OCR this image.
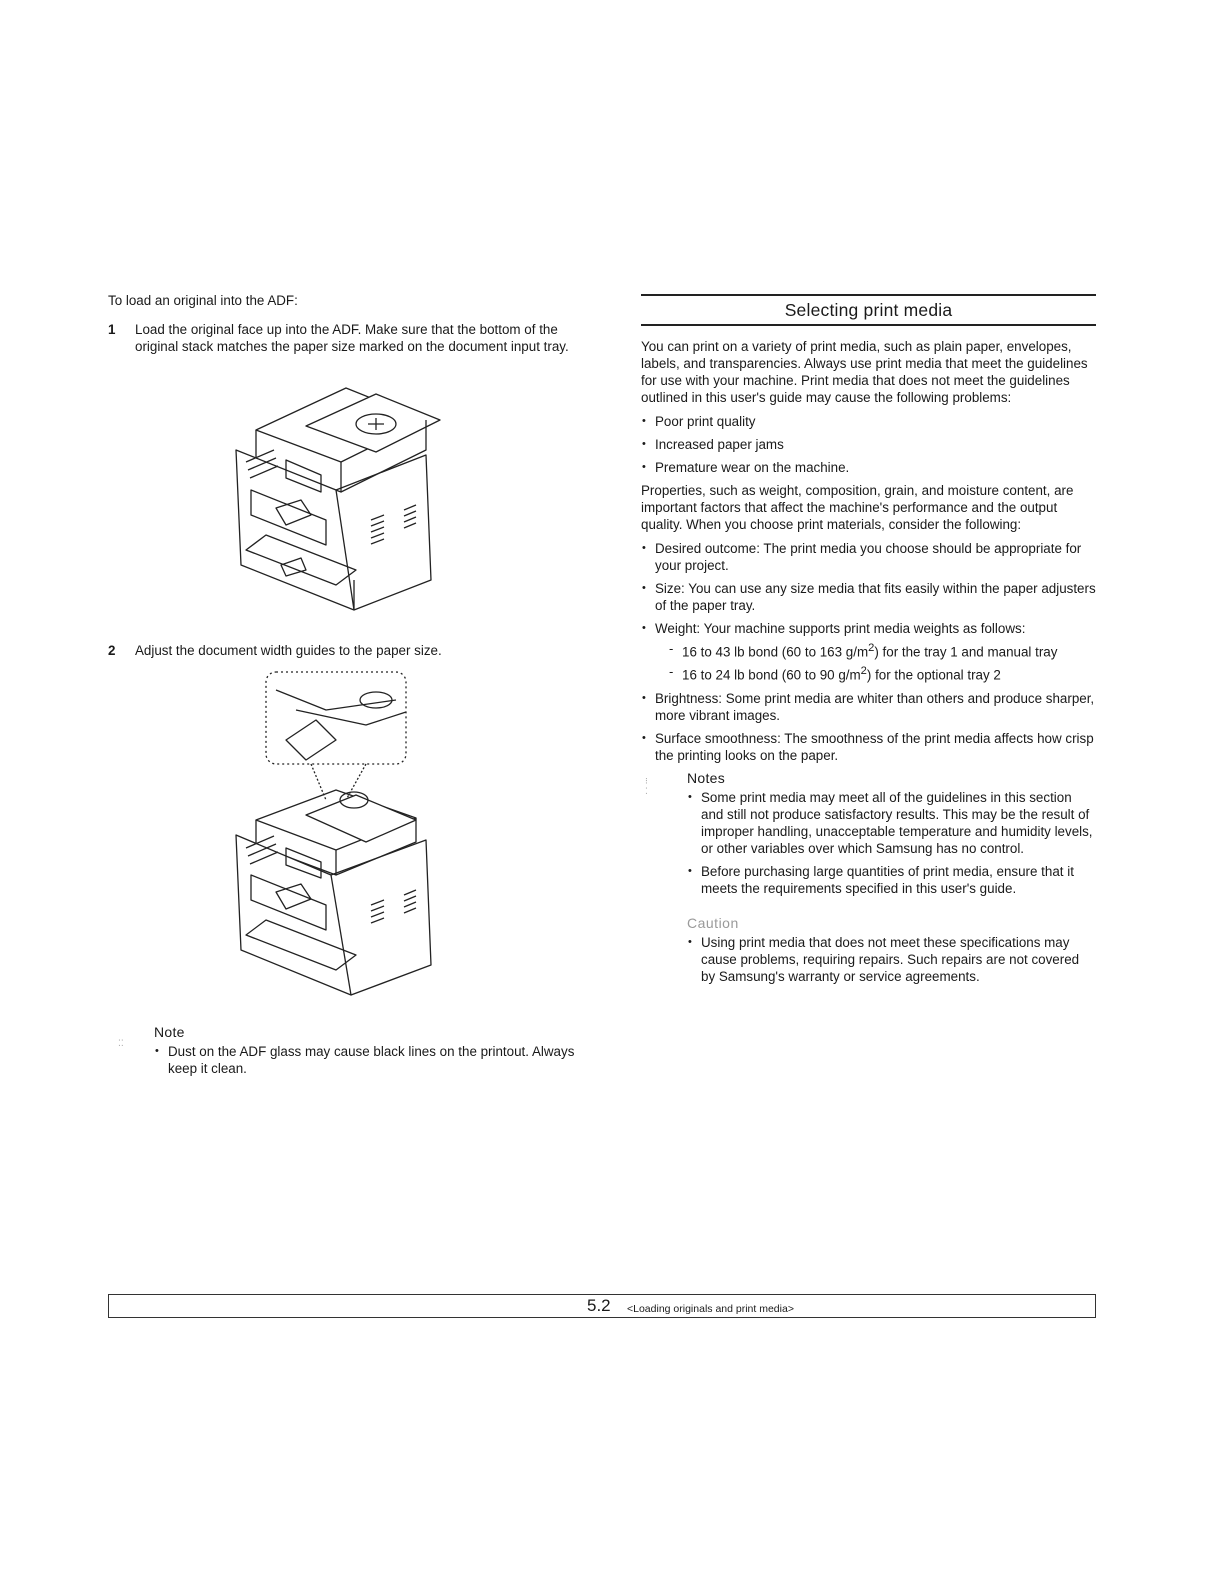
To load an original into the ADF:

1	Load the original face up into the ADF. Make sure that the bottom of the original stack matches the paper size marked on the document input tray.
2	Adjust the document width guides to the paper size.
⁚⁚
Note
• Dust on the ADF glass may cause black lines on the printout. Always keep it clean.
Selecting print media

You can print on a variety of print media, such as plain paper, envelopes, labels, and transparencies. Always use print media that meet the guidelines for use with your machine. Print media that does not meet the guidelines outlined in this user's guide may cause the following problems:

• Poor print quality
• Increased paper jams
• Premature wear on the machine.

Properties, such as weight, composition, grain, and moisture content, are important factors that affect the machine's performance and the output quality. When you choose print materials, consider the following:

• Desired outcome: The print media you choose should be appropriate for your project.
• Size: You can use any size media that fits easily within the paper adjusters of the paper tray.
• Weight: Your machine supports print media weights as follows:
- 16 to 43 lb bond (60 to 163 $g/m^2$) for the tray 1 and manual tray
- 16 to 24 lb bond (60 to 90 $g/m^2$) for the optional tray 2
• Brightness: Some print media are whiter than others and produce sharper, more vibrant images.
• Surface smoothness: The smoothness of the print media affects how crisp the printing looks on the paper.
⁝
⁚
Notes
• Some print media may meet all of the guidelines in this section and still not produce satisfactory results. This may be the result of improper handling, unacceptable temperature and humidity levels, or other variables over which Samsung has no control.
• Before purchasing large quantities of print media, ensure that it meets the requirements specified in this user's guide.
Caution
• Using print media that does not meet these specifications may cause problems, requiring repairs. Such repairs are not covered by Samsung's warranty or service agreements.
5.2 <Loading originals and print media>
